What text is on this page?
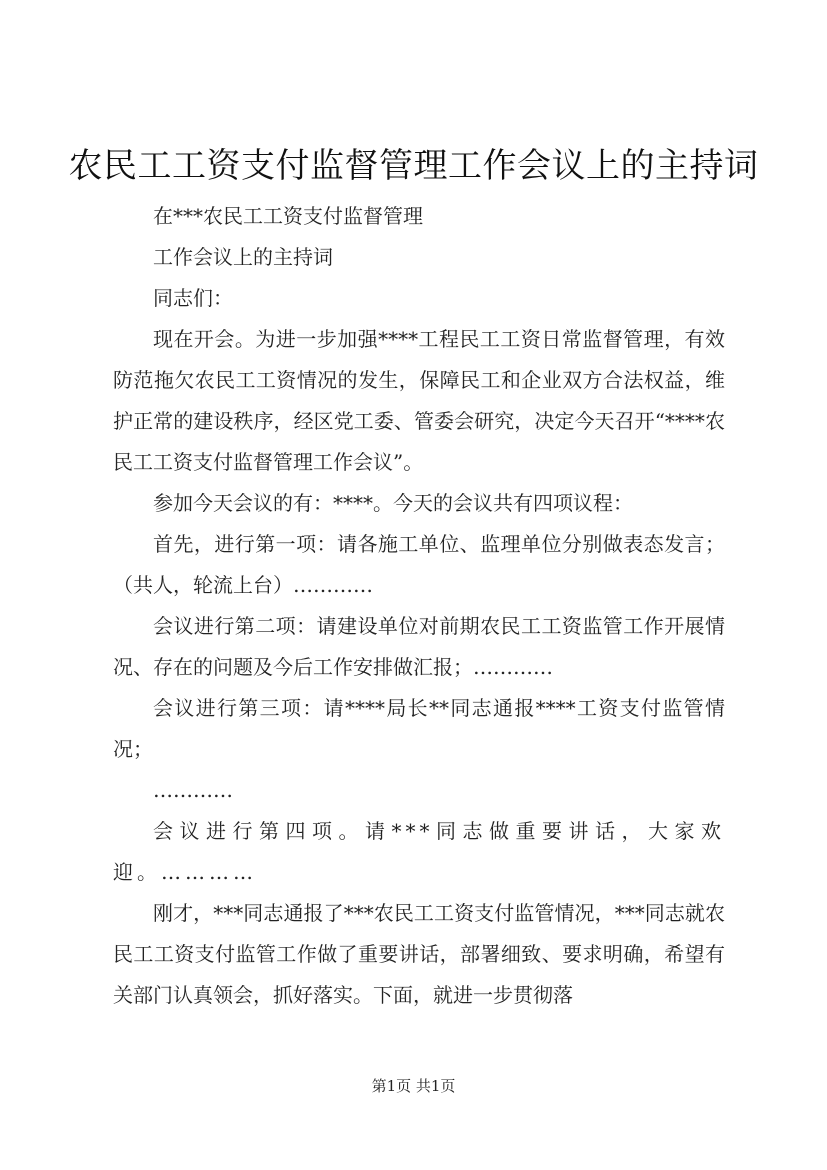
农民工工资支付监督管理工作会议上的主持词

在***农民工工资支付监督管理

工作会议上的主持词

同志们：

现在开会。为进一步加强****工程民工工资日常监督管理，有效防范拖欠农民工工资情况的发生，保障民工和企业双方合法权益，维护正常的建设秩序，经区党工委、管委会研究，决定今天召开“****农民工工资支付监督管理工作会议”。

参加今天会议的有：****。今天的会议共有四项议程：

首先，进行第一项：请各施工单位、监理单位分别做表态发言；（共人，轮流上台）…………

会议进行第二项：请建设单位对前期农民工工资监管工作开展情况、存在的问题及今后工作安排做汇报；…………

会议进行第三项：请****局长**同志通报****工资支付监管情况；

…………

会议进行第四项。请***同志做重要讲话，大家欢迎。…………

刚才，***同志通报了***农民工工资支付监管情况，***同志就农民工工资支付监管工作做了重要讲话，部署细致、要求明确，希望有关部门认真领会，抓好落实。下面，就进一步贯彻落

第1页 共1页
